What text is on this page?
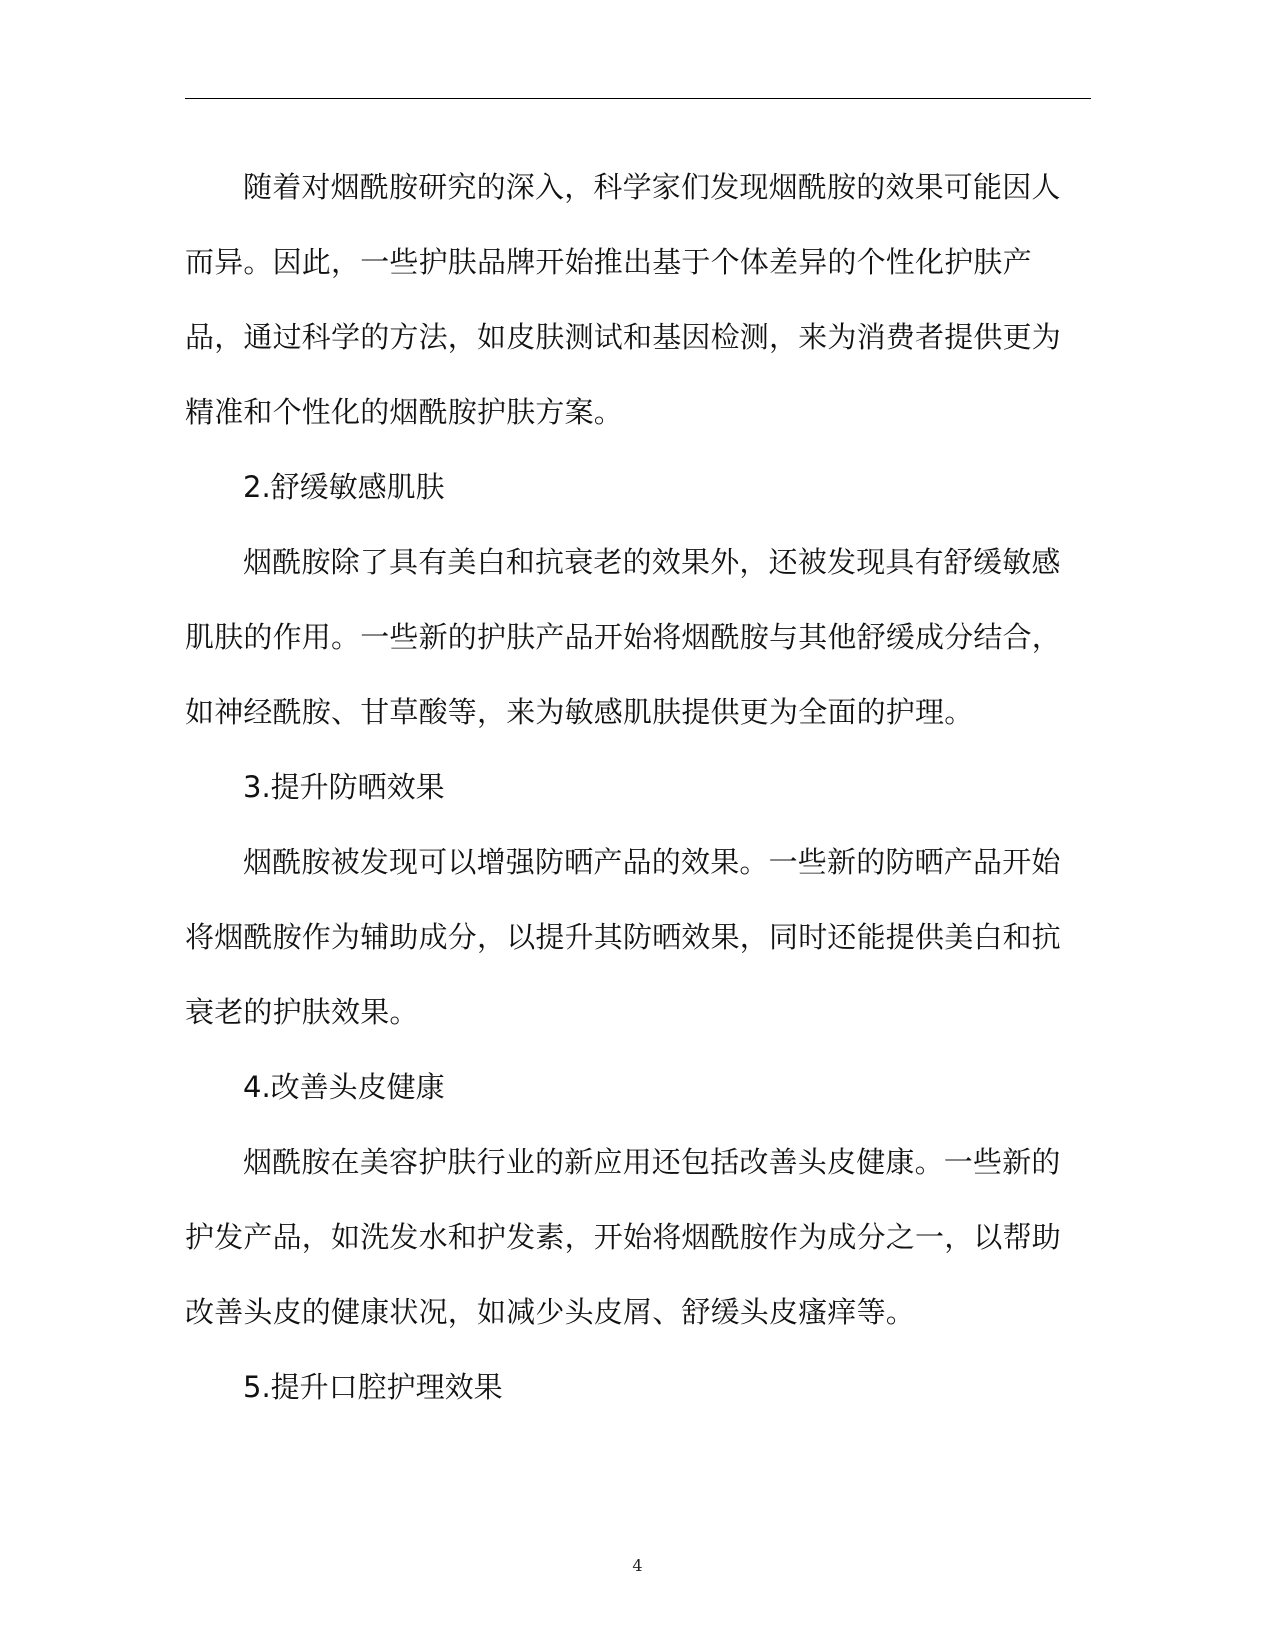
随着对烟酰胺研究的深入，科学家们发现烟酰胺的效果可能因人而异。因此，一些护肤品牌开始推出基于个体差异的个性化护肤产品，通过科学的方法，如皮肤测试和基因检测，来为消费者提供更为精准和个性化的烟酰胺护肤方案。

2.舒缓敏感肌肤

烟酰胺除了具有美白和抗衰老的效果外，还被发现具有舒缓敏感肌肤的作用。一些新的护肤产品开始将烟酰胺与其他舒缓成分结合，如神经酰胺、甘草酸等，来为敏感肌肤提供更为全面的护理。

3.提升防晒效果

烟酰胺被发现可以增强防晒产品的效果。一些新的防晒产品开始将烟酰胺作为辅助成分，以提升其防晒效果，同时还能提供美白和抗衰老的护肤效果。

4.改善头皮健康

烟酰胺在美容护肤行业的新应用还包括改善头皮健康。一些新的护发产品，如洗发水和护发素，开始将烟酰胺作为成分之一，以帮助改善头皮的健康状况，如减少头皮屑、舒缓头皮瘙痒等。

5.提升口腔护理效果

4
